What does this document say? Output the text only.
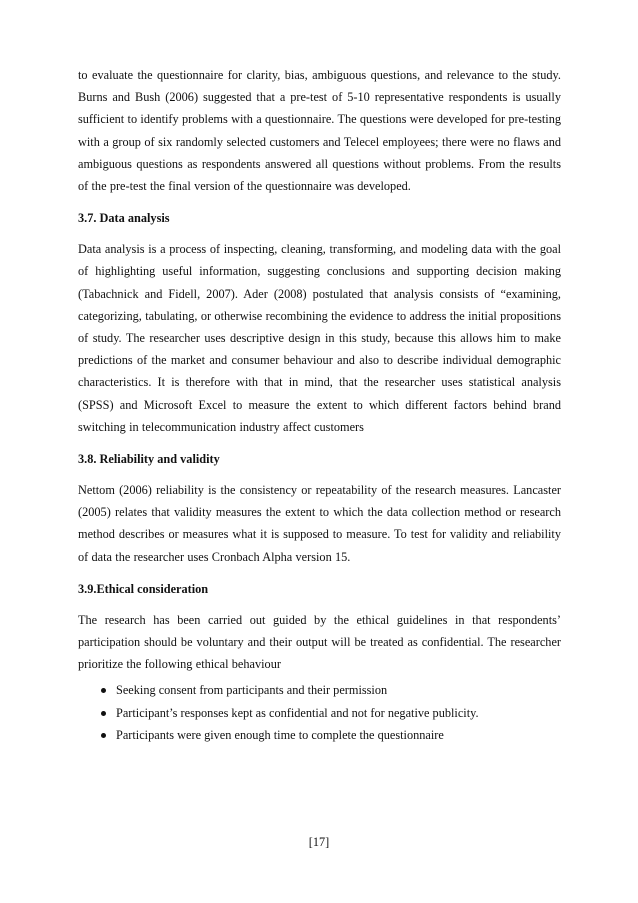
to evaluate the questionnaire for clarity, bias, ambiguous questions, and relevance to the study. Burns and Bush (2006) suggested that a pre-test of 5-10 representative respondents is usually sufficient to identify problems with a questionnaire. The questions were developed for pre-testing with a group of six randomly selected customers and Telecel employees; there were no flaws and ambiguous questions as respondents answered all questions without problems. From the results of the pre-test the final version of the questionnaire was developed.

3.7. Data analysis

Data analysis is a process of inspecting, cleaning, transforming, and modeling data with the goal of highlighting useful information, suggesting conclusions and supporting decision making (Tabachnick and Fidell, 2007). Ader (2008) postulated that analysis consists of “examining, categorizing, tabulating, or otherwise recombining the evidence to address the initial propositions of study. The researcher uses descriptive design in this study, because this allows him to make predictions of the market and consumer behaviour and also to describe individual demographic characteristics. It is therefore with that in mind, that the researcher uses statistical analysis (SPSS) and Microsoft Excel to measure the extent to which different factors behind brand switching in telecommunication industry affect customers

3.8. Reliability and validity

Nettom (2006) reliability is the consistency or repeatability of the research measures. Lancaster (2005) relates that validity measures the extent to which the data collection method or research method describes or measures what it is supposed to measure. To test for validity and reliability of data the researcher uses Cronbach Alpha version 15.

3.9.Ethical consideration

The research has been carried out guided by the ethical guidelines in that respondents’ participation should be voluntary and their output will be treated as confidential. The researcher prioritize the following ethical behaviour

Seeking consent from participants and their permission
Participant’s responses kept as confidential and not for negative publicity.
Participants were given enough time to complete the questionnaire
[17]
